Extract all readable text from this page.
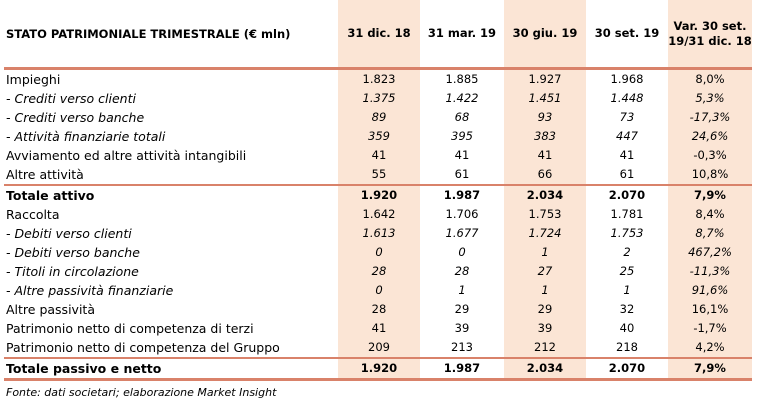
STATO PATRIMONIALE TRIMESTRALE (€ mln)	31 dic. 18	31 mar. 19	30 giu. 19	30 set. 19	Var. 30 set. 19/31 dic. 18
Impieghi	1.823	1.885	1.927	1.968	8,0%
- Crediti verso clienti	1.375	1.422	1.451	1.448	5,3%
- Crediti verso banche	89	68	93	73	-17,3%
- Attività finanziarie totali	359	395	383	447	24,6%
Avviamento ed altre attività intangibili	41	41	41	41	-0,3%
Altre attività	55	61	66	61	10,8%
Totale attivo	1.920	1.987	2.034	2.070	7,9%
Raccolta	1.642	1.706	1.753	1.781	8,4%
- Debiti verso clienti	1.613	1.677	1.724	1.753	8,7%
- Debiti verso banche	0	0	1	2	467,2%
- Titoli in circolazione	28	28	27	25	-11,3%
- Altre passività finanziarie	0	1	1	1	91,6%
Altre passività	28	29	29	32	16,1%
Patrimonio netto di competenza di terzi	41	39	39	40	-1,7%
Patrimonio netto di competenza del Gruppo	209	213	212	218	4,2%
Totale passivo e netto	1.920	1.987	2.034	2.070	7,9%
Fonte: dati societari; elaborazione Market Insight
